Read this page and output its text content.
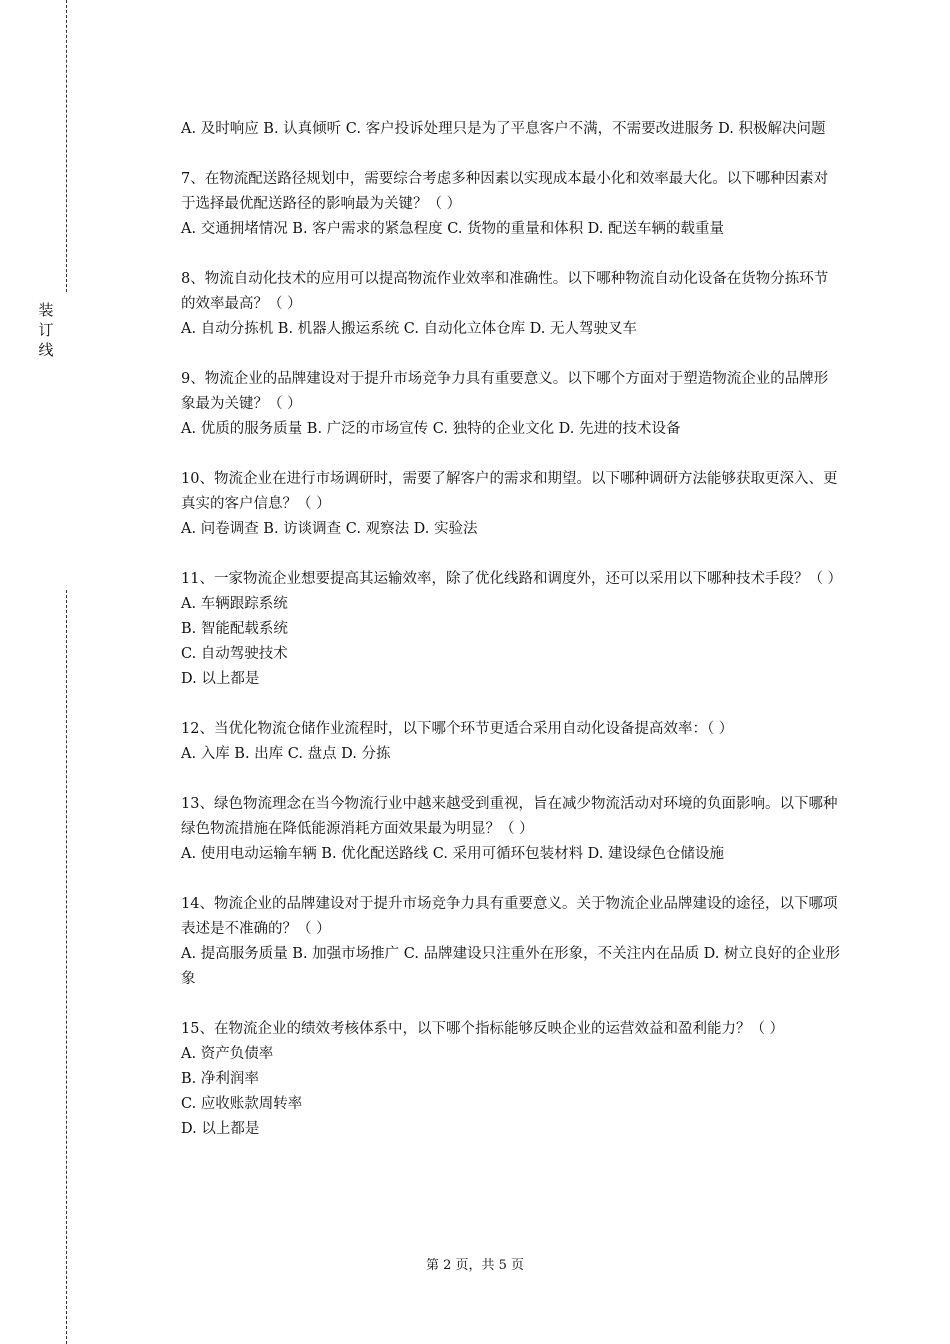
装
订
线

A. 及时响应 B. 认真倾听 C. 客户投诉处理只是为了平息客户不满，不需要改进服务 D. 积极解决问题

7、在物流配送路径规划中，需要综合考虑多种因素以实现成本最小化和效率最大化。以下哪种因素对于选择最优配送路径的影响最为关键？（ ）

A. 交通拥堵情况 B. 客户需求的紧急程度 C. 货物的重量和体积 D. 配送车辆的载重量

8、物流自动化技术的应用可以提高物流作业效率和准确性。以下哪种物流自动化设备在货物分拣环节的效率最高？（ ）

A. 自动分拣机 B. 机器人搬运系统 C. 自动化立体仓库 D. 无人驾驶叉车

9、物流企业的品牌建设对于提升市场竞争力具有重要意义。以下哪个方面对于塑造物流企业的品牌形象最为关键？（ ）

A. 优质的服务质量 B. 广泛的市场宣传 C. 独特的企业文化 D. 先进的技术设备

10、物流企业在进行市场调研时，需要了解客户的需求和期望。以下哪种调研方法能够获取更深入、更真实的客户信息？（ ）

A. 问卷调查 B. 访谈调查 C. 观察法 D. 实验法

11、一家物流企业想要提高其运输效率，除了优化线路和调度外，还可以采用以下哪种技术手段？（ ）

A. 车辆跟踪系统

B. 智能配载系统

C. 自动驾驶技术

D. 以上都是

12、当优化物流仓储作业流程时，以下哪个环节更适合采用自动化设备提高效率：（ ）

A. 入库 B. 出库 C. 盘点 D. 分拣

13、绿色物流理念在当今物流行业中越来越受到重视，旨在减少物流活动对环境的负面影响。以下哪种绿色物流措施在降低能源消耗方面效果最为明显？（ ）

A. 使用电动运输车辆 B. 优化配送路线 C. 采用可循环包装材料 D. 建设绿色仓储设施

14、物流企业的品牌建设对于提升市场竞争力具有重要意义。关于物流企业品牌建设的途径，以下哪项表述是不准确的？（ ）

A. 提高服务质量 B. 加强市场推广 C. 品牌建设只注重外在形象，不关注内在品质 D. 树立良好的企业形象

15、在物流企业的绩效考核体系中，以下哪个指标能够反映企业的运营效益和盈利能力？（ ）

A. 资产负债率

B. 净利润率

C. 应收账款周转率

D. 以上都是

第 2 页，共 5 页
